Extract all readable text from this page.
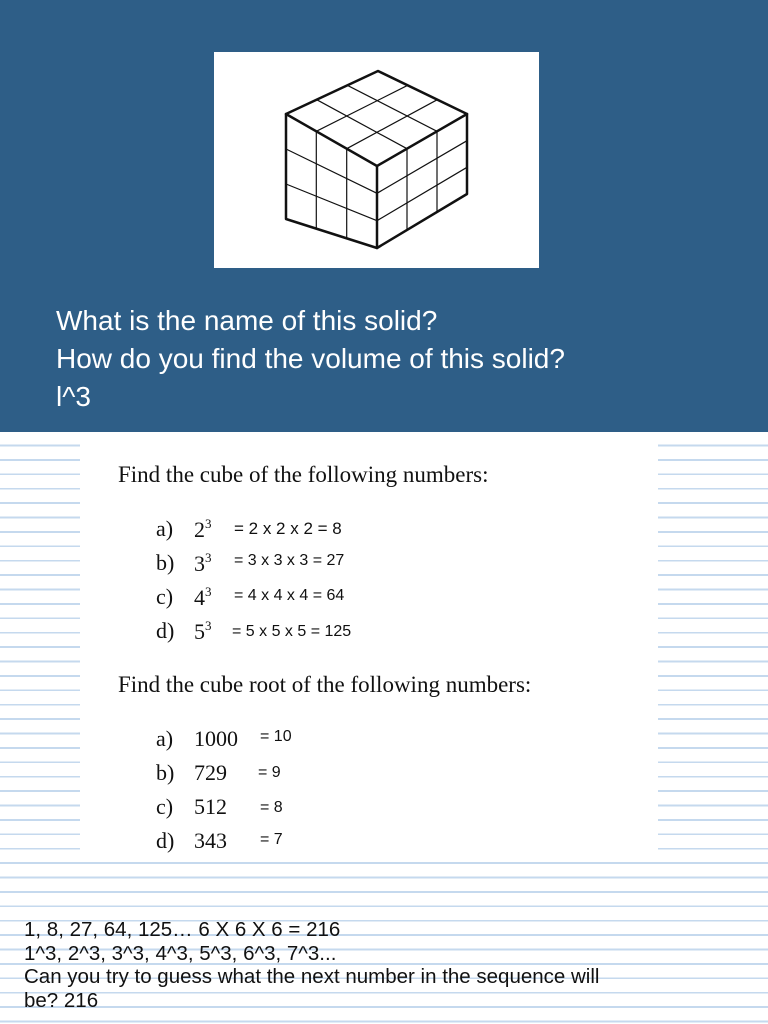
What is the name of this solid?
How do you find the volume of this solid?
l^3
Find the cube of the following numbers:
a) $2^3 = 2$ x 2 x 2 = 8
b) $3^3 = 3$ x 3 x 3 = 27
c) $4^3 = 4$ x 4 x 4 = 64
d) $5^3 = 5$ x 5 x 5 = 125
Find the cube root of the following numbers:
a) 1000 = 10
b) 729 = 9
c) 512 = 8
d) 343 = 7
1, 8, 27, 64, 125… 6 X 6 X 6 = 216
1^3, 2^3, 3^3, 4^3, 5^3, 6^3, 7^3...
Can you try to guess what the next number in the sequence will
be? 216
